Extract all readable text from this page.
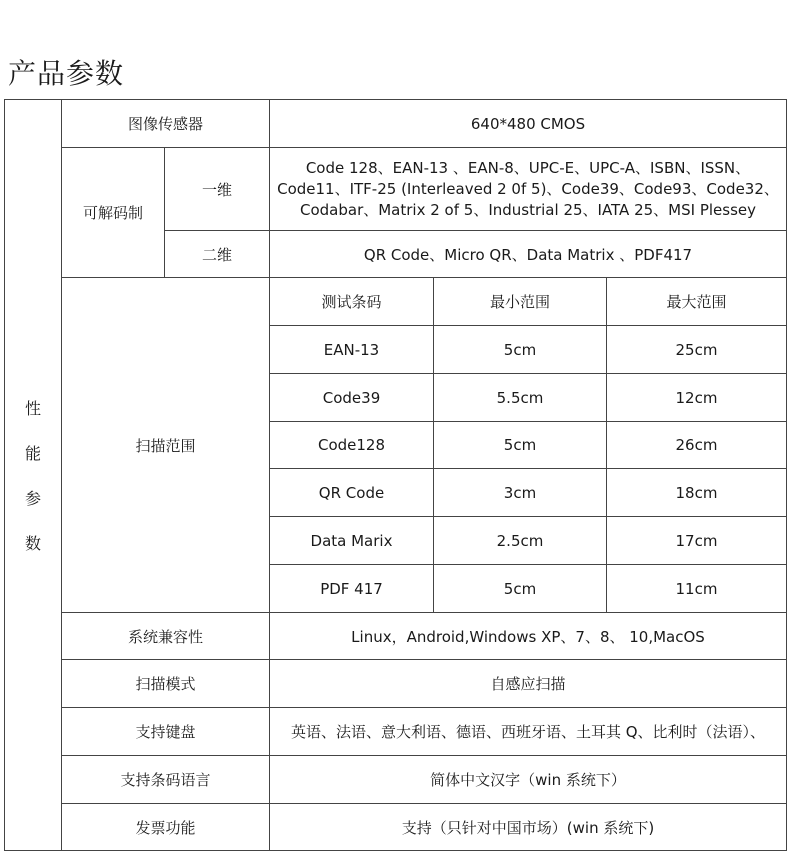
产品参数
性
能
参
数	图像传感器		640*480 CMOS		
	可解码制	一维	Code 128、EAN-13 、EAN-8、UPC-E、UPC-A、ISBN、ISSN、Code11、ITF-25 (Interleaved 2 0f 5)、Code39、Code93、Code32、Codabar、Matrix 2 of 5、Industrial 25、IATA 25、MSI Plessey		
		二维	QR Code、Micro QR、Data Matrix 、PDF417		
	扫描范围		测试条码	最小范围	最大范围
			EAN-13	5cm	25cm
			Code39	5.5cm	12cm
			Code128	5cm	26cm
			QR Code	3cm	18cm
			Data Marix	2.5cm	17cm
			PDF 417	5cm	11cm
	系统兼容性		Linux，Android,Windows XP、7、8、 10,MacOS		
	扫描模式		自感应扫描		
	支持键盘		英语、法语、意大利语、德语、西班牙语、土耳其 Q、比利时（法语）、		
	支持条码语言		简体中文汉字（win 系统下）		
	发票功能		支持（只针对中国市场）(win 系统下)		
